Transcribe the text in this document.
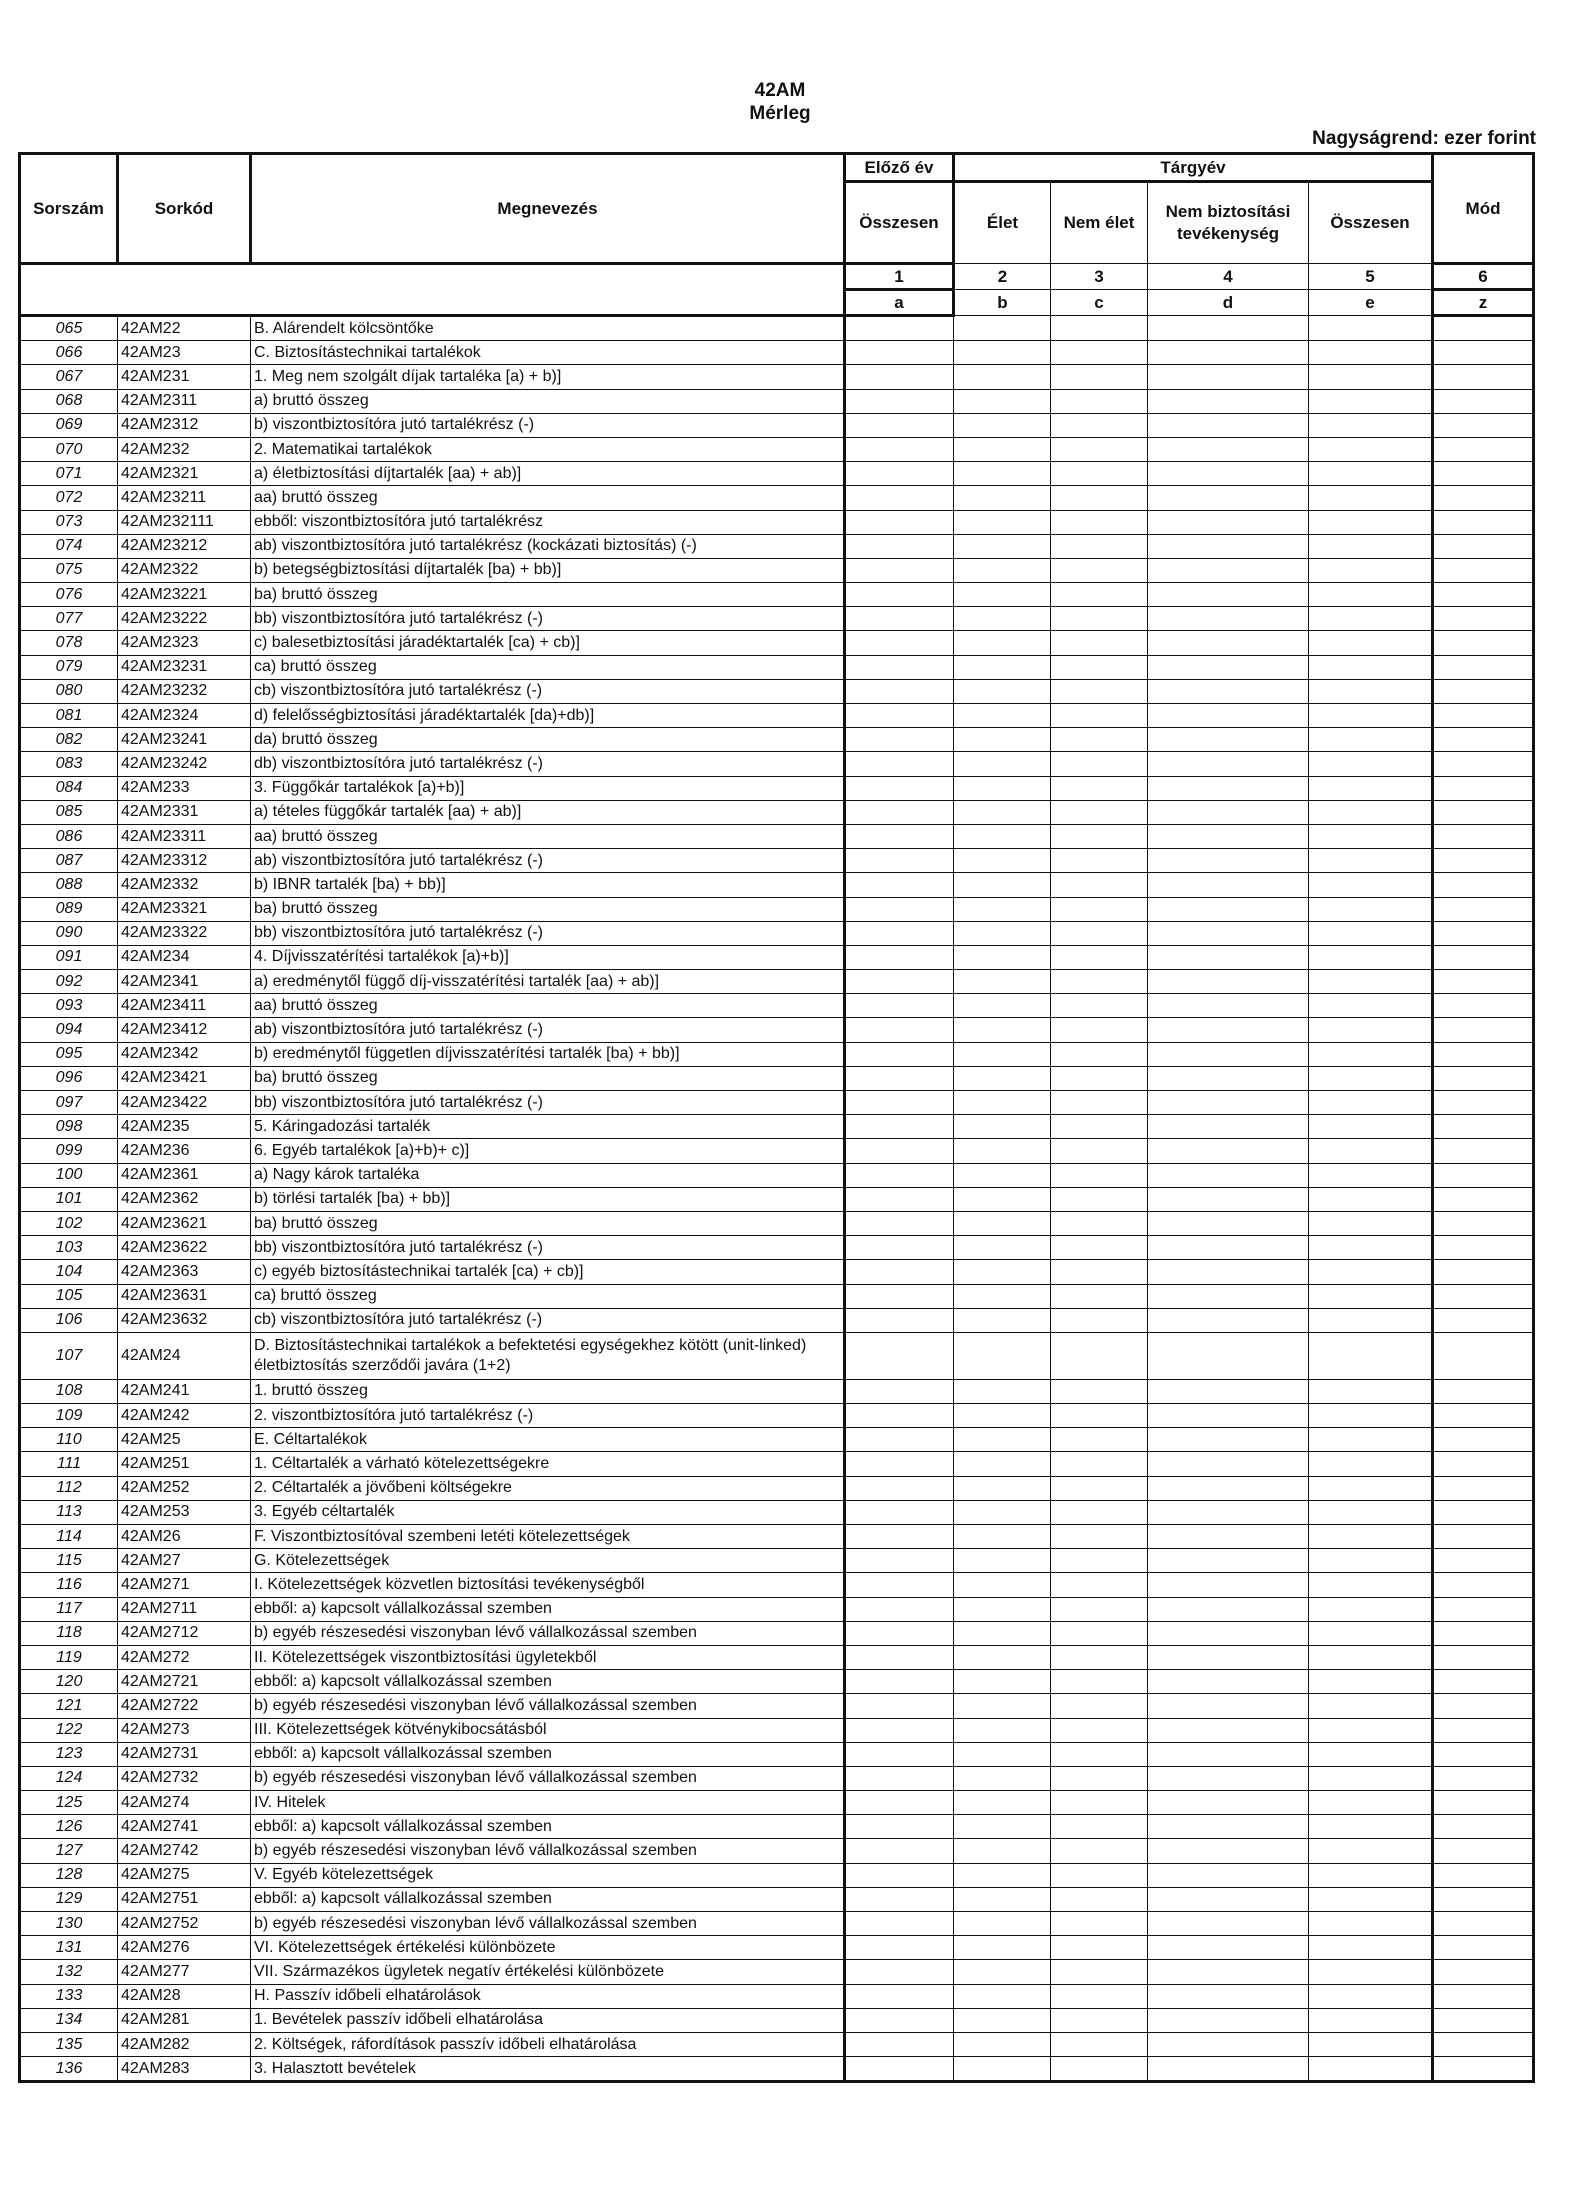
42AM
Mérleg
Nagyságrend: ezer forint
Sorszám	Sorkód	Megnevezés	Előző év	Tárgyév				Mód
			Összesen	Élet	Nem élet	Nem biztosítási tevékenység	Összesen	
			1	2	3	4	5	6
			a	b	c	d	e	z
065	42AM22	B. Alárendelt kölcsöntőke						
066	42AM23	C. Biztosítástechnikai tartalékok						
067	42AM231	1. Meg nem szolgált díjak tartaléka [a) + b)]						
068	42AM2311	a) bruttó összeg						
069	42AM2312	b) viszontbiztosítóra jutó tartalékrész (-)						
070	42AM232	2. Matematikai tartalékok						
071	42AM2321	a) életbiztosítási díjtartalék [aa) + ab)]						
072	42AM23211	aa) bruttó összeg						
073	42AM232111	ebből: viszontbiztosítóra jutó tartalékrész						
074	42AM23212	ab) viszontbiztosítóra jutó tartalékrész (kockázati biztosítás) (-)						
075	42AM2322	b) betegségbiztosítási díjtartalék [ba) + bb)]						
076	42AM23221	ba) bruttó összeg						
077	42AM23222	bb) viszontbiztosítóra jutó tartalékrész (-)						
078	42AM2323	c) balesetbiztosítási járadéktartalék [ca) + cb)]						
079	42AM23231	ca) bruttó összeg						
080	42AM23232	cb) viszontbiztosítóra jutó tartalékrész (-)						
081	42AM2324	d) felelősségbiztosítási járadéktartalék [da)+db)]						
082	42AM23241	da) bruttó összeg						
083	42AM23242	db) viszontbiztosítóra jutó tartalékrész (-)						
084	42AM233	3. Függőkár tartalékok [a)+b)]						
085	42AM2331	a) tételes függőkár tartalék [aa) + ab)]						
086	42AM23311	aa) bruttó összeg						
087	42AM23312	ab) viszontbiztosítóra jutó tartalékrész (-)						
088	42AM2332	b) IBNR tartalék [ba) + bb)]						
089	42AM23321	ba) bruttó összeg						
090	42AM23322	bb) viszontbiztosítóra jutó tartalékrész (-)						
091	42AM234	4. Díjvisszatérítési tartalékok [a)+b)]						
092	42AM2341	a) eredménytől függő díj-visszatérítési tartalék [aa) + ab)]						
093	42AM23411	aa) bruttó összeg						
094	42AM23412	ab) viszontbiztosítóra jutó tartalékrész (-)						
095	42AM2342	b) eredménytől független díjvisszatérítési tartalék [ba) + bb)]						
096	42AM23421	ba) bruttó összeg						
097	42AM23422	bb) viszontbiztosítóra jutó tartalékrész (-)						
098	42AM235	5. Káringadozási tartalék						
099	42AM236	6. Egyéb tartalékok [a)+b)+ c)]						
100	42AM2361	a) Nagy károk tartaléka						
101	42AM2362	b) törlési tartalék [ba) + bb)]						
102	42AM23621	ba) bruttó összeg						
103	42AM23622	bb) viszontbiztosítóra jutó tartalékrész (-)						
104	42AM2363	c) egyéb biztosítástechnikai tartalék [ca) + cb)]						
105	42AM23631	ca) bruttó összeg						
106	42AM23632	cb) viszontbiztosítóra jutó tartalékrész (-)						
107	42AM24	D. Biztosítástechnikai tartalékok a befektetési egységekhez kötött (unit-linked) életbiztosítás szerződői javára (1+2)						
108	42AM241	1. bruttó összeg						
109	42AM242	2. viszontbiztosítóra jutó tartalékrész (-)						
110	42AM25	E. Céltartalékok						
111	42AM251	1. Céltartalék a várható kötelezettségekre						
112	42AM252	2. Céltartalék a jövőbeni költségekre						
113	42AM253	3. Egyéb céltartalék						
114	42AM26	F. Viszontbiztosítóval szembeni letéti kötelezettségek						
115	42AM27	G. Kötelezettségek						
116	42AM271	I. Kötelezettségek közvetlen biztosítási tevékenységből						
117	42AM2711	ebből: a) kapcsolt vállalkozással szemben						
118	42AM2712	b) egyéb részesedési viszonyban lévő vállalkozással szemben						
119	42AM272	II. Kötelezettségek viszontbiztosítási ügyletekből						
120	42AM2721	ebből: a) kapcsolt vállalkozással szemben						
121	42AM2722	b) egyéb részesedési viszonyban lévő vállalkozással szemben						
122	42AM273	III. Kötelezettségek kötvénykibocsátásból						
123	42AM2731	ebből: a) kapcsolt vállalkozással szemben						
124	42AM2732	b) egyéb részesedési viszonyban lévő vállalkozással szemben						
125	42AM274	IV. Hitelek						
126	42AM2741	ebből: a) kapcsolt vállalkozással szemben						
127	42AM2742	b) egyéb részesedési viszonyban lévő vállalkozással szemben						
128	42AM275	V. Egyéb kötelezettségek						
129	42AM2751	ebből: a) kapcsolt vállalkozással szemben						
130	42AM2752	b) egyéb részesedési viszonyban lévő vállalkozással szemben						
131	42AM276	VI. Kötelezettségek értékelési különbözete						
132	42AM277	VII. Származékos ügyletek negatív értékelési különbözete						
133	42AM28	H. Passzív időbeli elhatárolások						
134	42AM281	1. Bevételek passzív időbeli elhatárolása						
135	42AM282	2. Költségek, ráfordítások passzív időbeli elhatárolása						
136	42AM283	3. Halasztott bevételek						
